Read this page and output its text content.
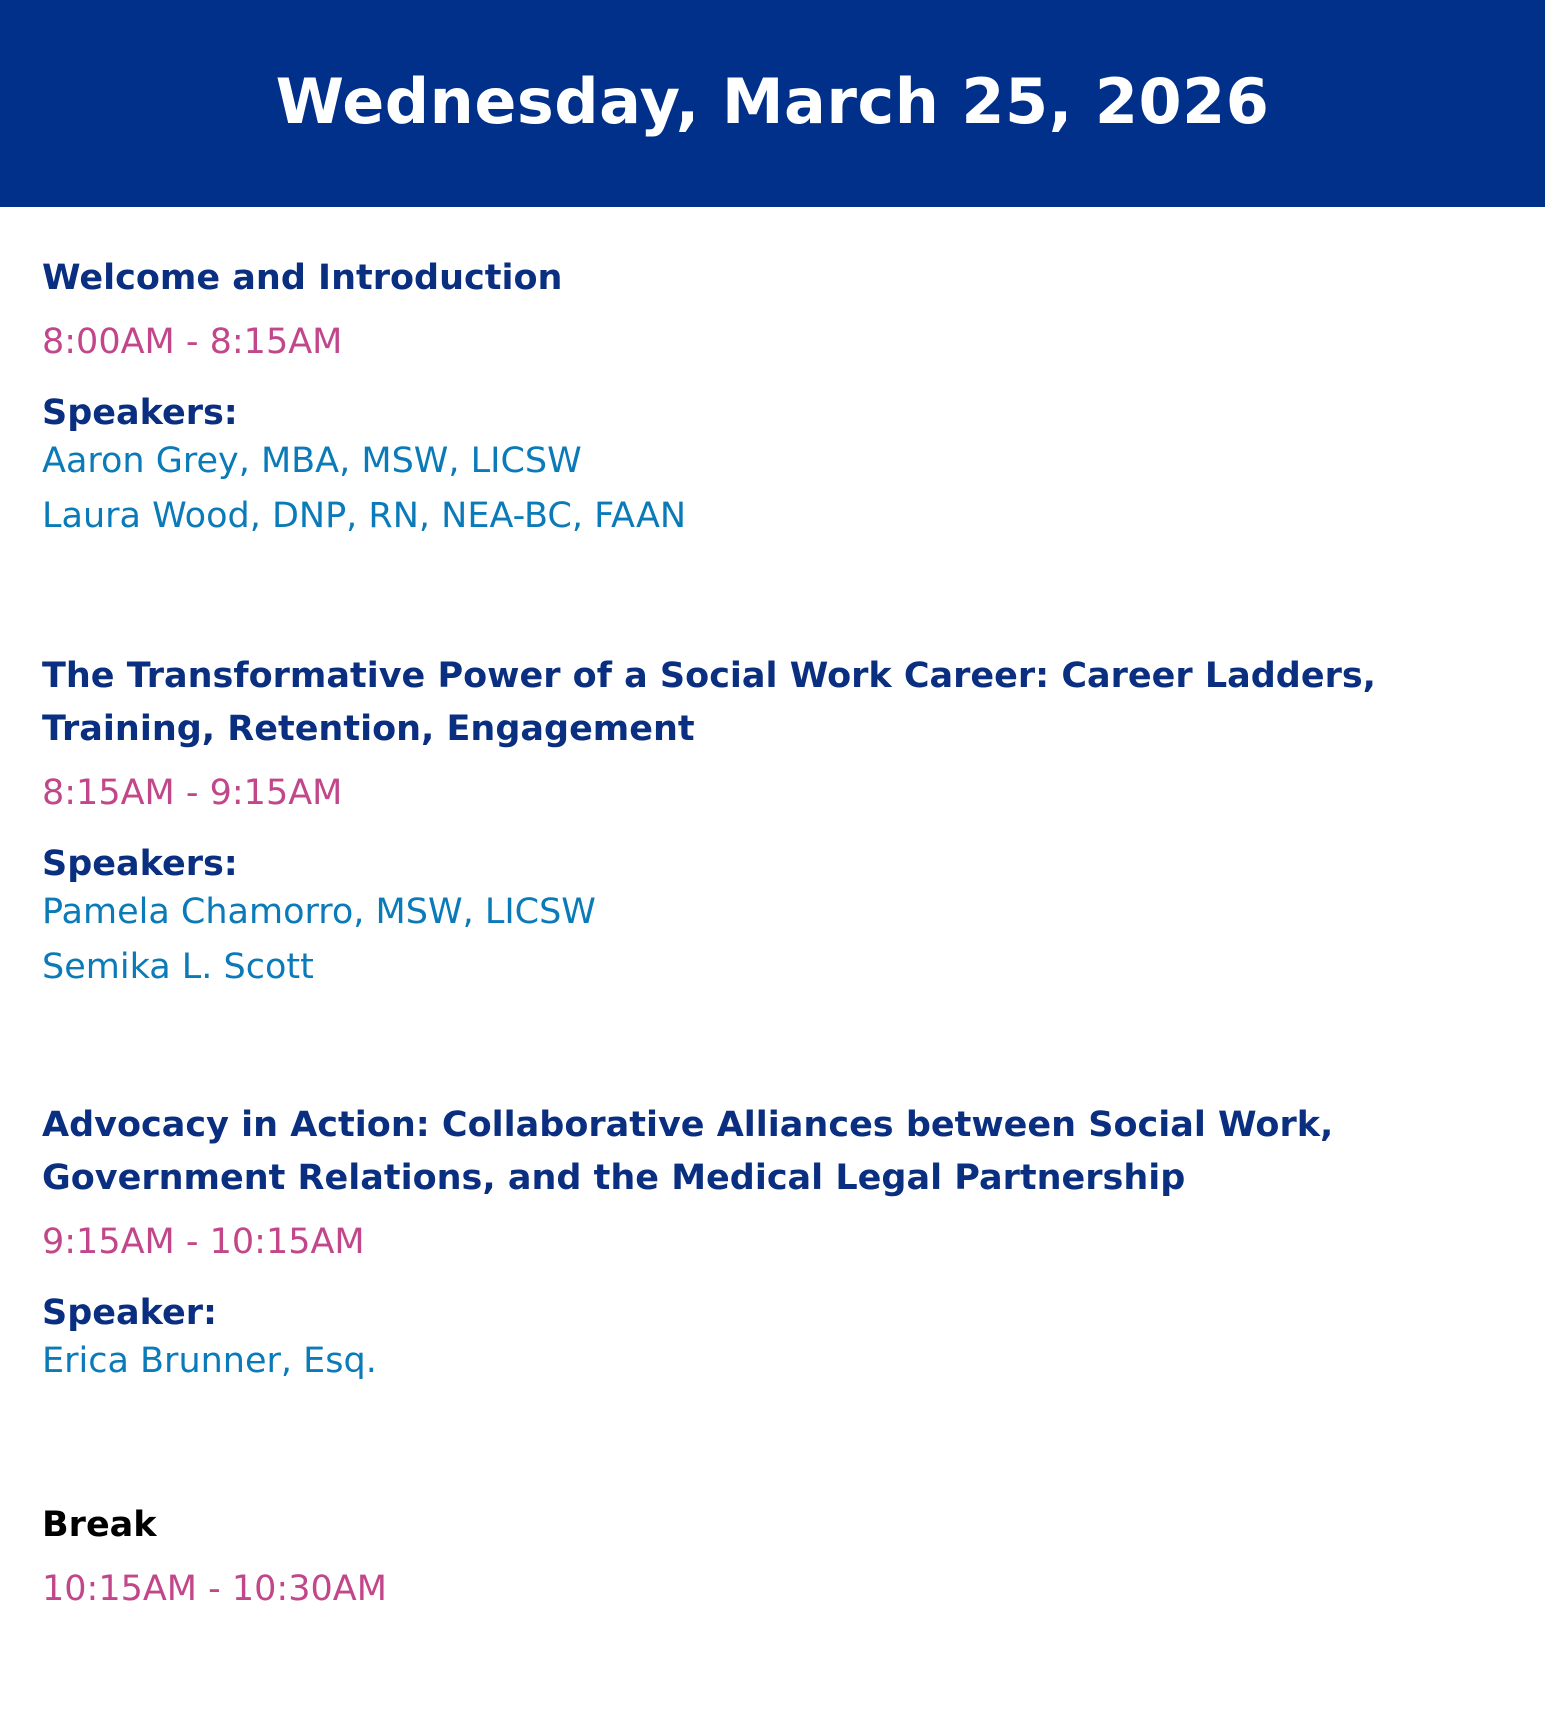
Wednesday, March 25, 2026
Welcome and Introduction
8:00AM - 8:15AM
Speakers:
Aaron Grey, MBA, MSW, LICSW
Laura Wood, DNP, RN, NEA-BC, FAAN
The Transformative Power of a Social Work Career: Career Ladders,
Training, Retention, Engagement
8:15AM - 9:15AM
Speakers:
Pamela Chamorro, MSW, LICSW
Semika L. Scott
Advocacy in Action: Collaborative Alliances between Social Work,
Government Relations, and the Medical Legal Partnership
9:15AM - 10:15AM
Speaker:
Erica Brunner, Esq.
Break
10:15AM - 10:30AM
